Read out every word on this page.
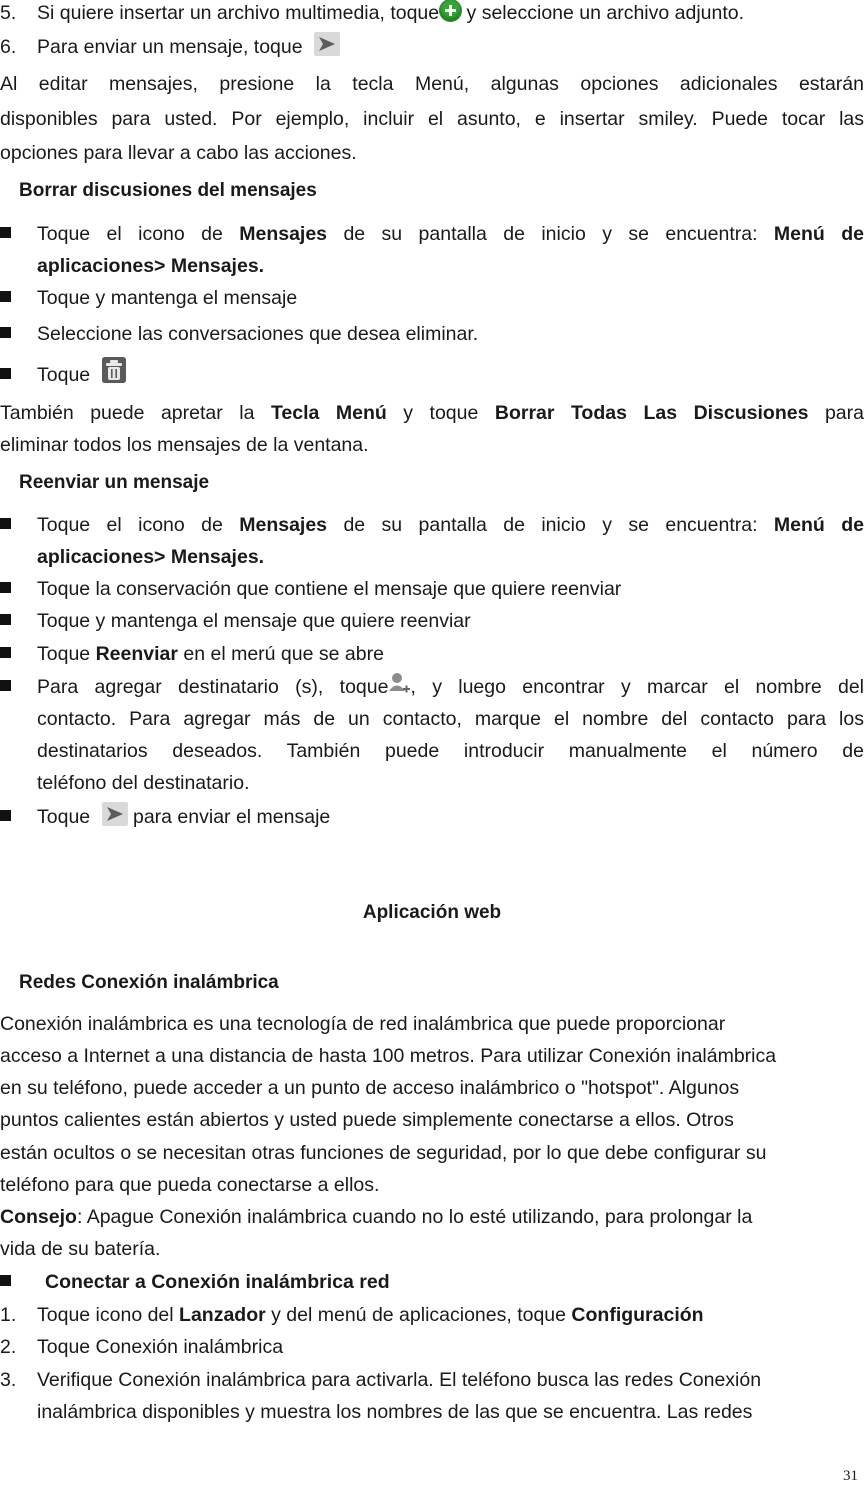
5. Si quiere insertar un archivo multimedia, toque y seleccione un archivo adjunto.
6. Para enviar un mensaje, toque
Al editar mensajes, presione la tecla Menú, algunas opciones adicionales estarán
disponibles para usted. Por ejemplo, incluir el asunto, e insertar smiley. Puede tocar las
opciones para llevar a cabo las acciones.
Borrar discusiones del mensajes
Toque el icono de Mensajes de su pantalla de inicio y se encuentra: Menú de
aplicaciones> Mensajes.
Toque y mantenga el mensaje
Seleccione las conversaciones que desea eliminar.
Toque
También puede apretar la Tecla Menú y toque Borrar Todas Las Discusiones para
eliminar todos los mensajes de la ventana.
Reenviar un mensaje
Toque el icono de Mensajes de su pantalla de inicio y se encuentra: Menú de
aplicaciones> Mensajes.
Toque la conservación que contiene el mensaje que quiere reenviar
Toque y mantenga el mensaje que quiere reenviar
Toque Reenviar en el merú que se abre
Para agregar destinatario (s), toque , y luego encontrar y marcar el nombre del
contacto. Para agregar más de un contacto, marque el nombre del contacto para los
destinatarios deseados. También puede introducir manualmente el número de
teléfono del destinatario.
Toque  para enviar el mensaje
Aplicación web
Redes Conexión inalámbrica
Conexión inalámbrica es una tecnología de red inalámbrica que puede proporcionar
acceso a Internet a una distancia de hasta 100 metros. Para utilizar Conexión inalámbrica
en su teléfono, puede acceder a un punto de acceso inalámbrico o "hotspot". Algunos
puntos calientes están abiertos y usted puede simplemente conectarse a ellos. Otros
están ocultos o se necesitan otras funciones de seguridad, por lo que debe configurar su
teléfono para que pueda conectarse a ellos.
Consejo: Apague Conexión inalámbrica cuando no lo esté utilizando, para prolongar la
vida de su batería.
Conectar a Conexión inalámbrica red
1. Toque icono del Lanzador y del menú de aplicaciones, toque Configuración
2. Toque Conexión inalámbrica
3. Verifique Conexión inalámbrica para activarla. El teléfono busca las redes Conexión
inalámbrica disponibles y muestra los nombres de las que se encuentra. Las redes
31
